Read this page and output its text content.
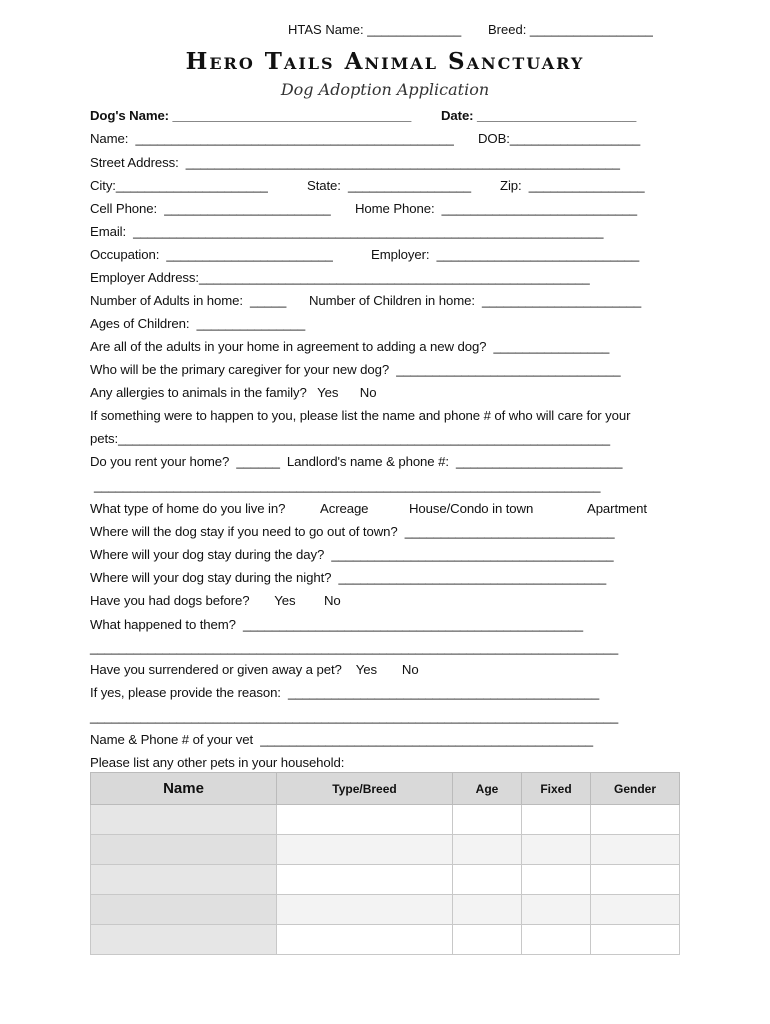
HTAS Name: _____________ Breed: _________________
Hero Tails Animal Sanctuary
Dog Adoption Application
Dog's Name: _________________________________ Date: ______________________
Name:  ____________________________________________ DOB:__________________
Street Address:  ____________________________________________________________
City:_____________________	State:  _________________ Zip:  ________________
Cell Phone:  _______________________ Home Phone:  ___________________________
Email:  _________________________________________________________________
Occupation:  _______________________	Employer:  ____________________________
Employer Address:______________________________________________________
Number of Adults in home:  _____ Number of Children in home:  ______________________
Ages of Children:  _______________
Are all of the adults in your home in agreement to adding a new dog?  ________________
Who will be the primary caregiver for your new dog?  _______________________________
Any allergies to animals in the family?   Yes      No
If something were to happen to you, please list the name and phone # of who will care for your
pets:____________________________________________________________________
Do you rent your home?  ______  Landlord's name & phone #:  _______________________
______________________________________________________________________
What type of home do you live in?	Acreage	House/Condo in town	Apartment
Where will the dog stay if you need to go out of town?  _____________________________
Where will your dog stay during the day?  _______________________________________
Where will your dog stay during the night?  _____________________________________
Have you had dogs before?       Yes        No
What happened to them?  _______________________________________________
_________________________________________________________________________
Have you surrendered or given away a pet?    Yes       No
If yes, please provide the reason:  ___________________________________________
_________________________________________________________________________
Name & Phone # of your vet  ______________________________________________
Please list any other pets in your household:
Name	Type/Breed	Age	Fixed	Gender
